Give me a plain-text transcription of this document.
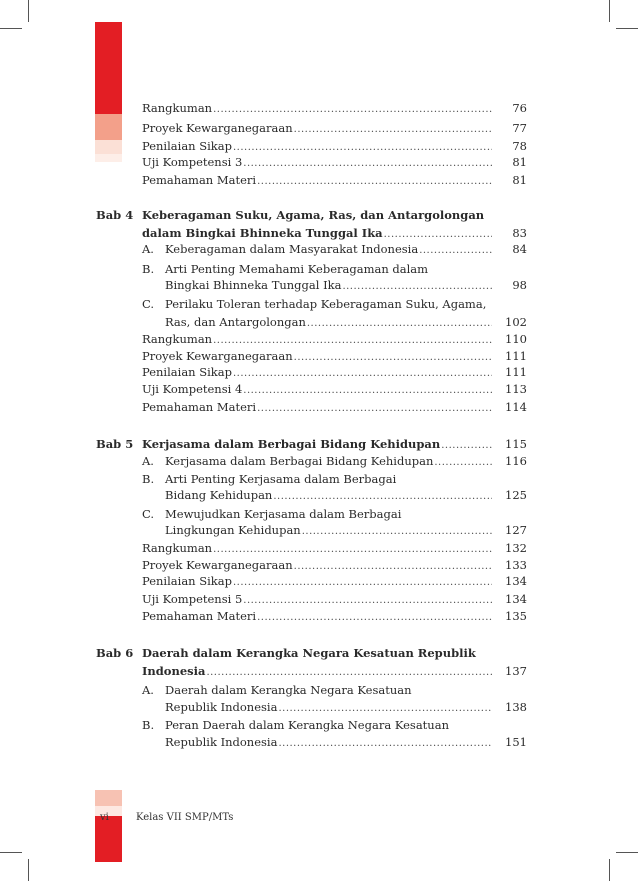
Rangkuman .....	76
Proyek Kewarganegaraan .....	77
Penilaian Sikap .....	78
Uji Kompetensi 3 .....	81
Pemahaman Materi .....	81
Bab 4 Keberagaman Suku, Agama, Ras, dan Antargolongan
dalam Bingkai Bhinneka Tunggal Ika .....	83
A. Keberagaman dalam Masyarakat Indonesia .....	84
B. Arti Penting Memahami Keberagaman dalam
Bingkai Bhinneka Tunggal Ika .....	98
C. Perilaku Toleran terhadap Keberagaman Suku, Agama,
Ras, dan Antargolongan .....	102
Rangkuman .....	110
Proyek Kewarganegaraan .....	111
Penilaian Sikap .....	111
Uji Kompetensi 4 .....	113
Pemahaman Materi .....	114
Bab 5 Kerjasama dalam Berbagai Bidang Kehidupan .....	115
A. Kerjasama dalam Berbagai Bidang Kehidupan .....	116
B. Arti Penting Kerjasama dalam Berbagai
Bidang Kehidupan .....	125
C. Mewujudkan Kerjasama dalam Berbagai
Lingkungan Kehidupan .....	127
Rangkuman .....	132
Proyek Kewarganegaraan .....	133
Penilaian Sikap .....	134
Uji Kompetensi 5 .....	134
Pemahaman Materi .....	135
Bab 6 Daerah dalam Kerangka Negara Kesatuan Republik
Indonesia .....	137
A. Daerah dalam Kerangka Negara Kesatuan
Republik Indonesia .....	138
B. Peran Daerah dalam Kerangka Negara Kesatuan
Republik Indonesia .....	151
vi	Kelas VII SMP/MTs
